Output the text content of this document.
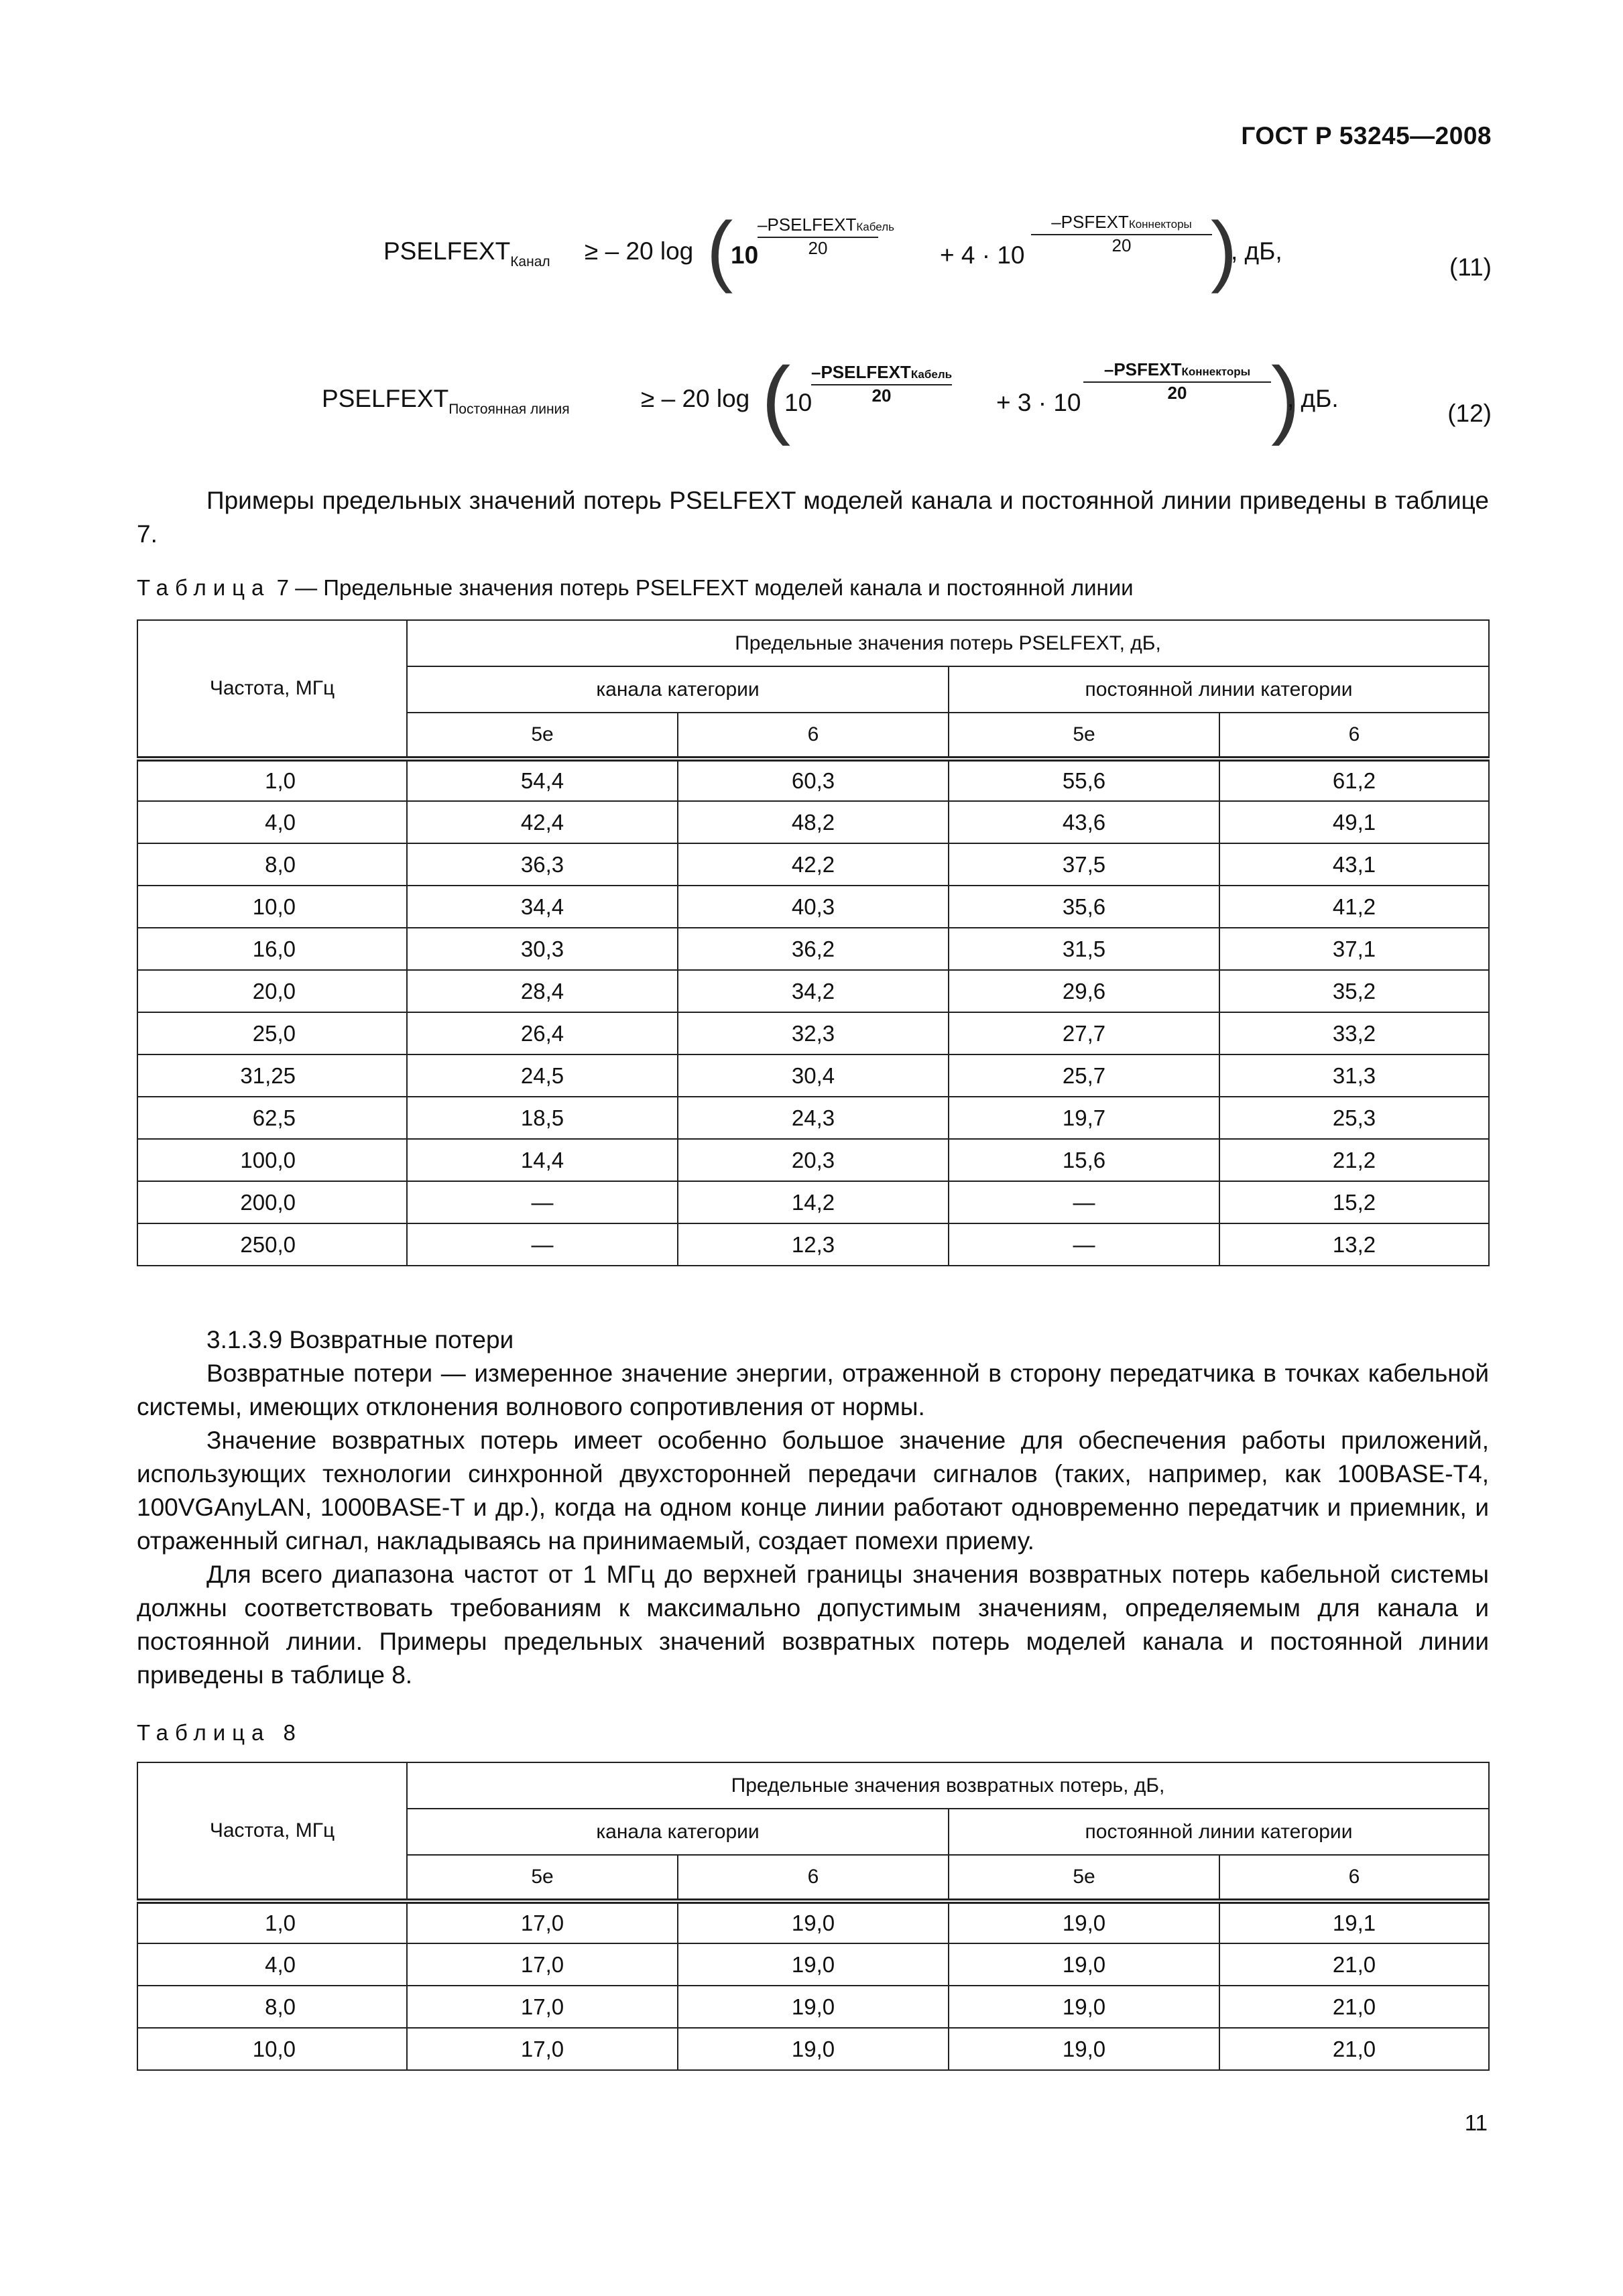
ГОСТ Р 53245—2008
$PSELFEXT_{Канал}$ ≥ – 20 log (
10
–PSELFEXTКабель
20	+ 4 · 10
–PSFEXTКоннекторы
20	)
, дБ,
(11)
$PSELFEXT_{Постоянная линия}$	≥ – 20 log (
10
–PSELFEXTКабель
20	+ 3 · 10
–PSFEXTКоннекторы
20 )
, дБ.
(12)
Примеры предельных значений потерь PSELFEXT моделей канала и постоянной линии приведены в таблице 7.
Таблица 7 — Предельные значения потерь PSELFEXT моделей канала и постоянной линии
Частота, МГц	Предельные значения потерь PSELFEXT, дБ,			
	канала категории		постоянной линии категории	
	5е	6	5е	6
1,0	54,4	60,3	55,6	61,2
4,0	42,4	48,2	43,6	49,1
8,0	36,3	42,2	37,5	43,1
10,0	34,4	40,3	35,6	41,2
16,0	30,3	36,2	31,5	37,1
20,0	28,4	34,2	29,6	35,2
25,0	26,4	32,3	27,7	33,2
31,25	24,5	30,4	25,7	31,3
62,5	18,5	24,3	19,7	25,3
100,0	14,4	20,3	15,6	21,2
200,0	—	14,2	—	15,2
250,0	—	12,3	—	13,2
3.1.3.9 Возвратные потери
Возвратные потери — измеренное значение энергии, отраженной в сторону передатчика в точках кабельной системы, имеющих отклонения волнового сопротивления от нормы.
Значение возвратных потерь имеет особенно большое значение для обеспечения работы приложений, использующих технологии синхронной двухсторонней передачи сигналов (таких, например, как 100BASE-T4, 100VGAnyLAN, 1000BASE-T и др.), когда на одном конце линии работают одновременно передатчик и приемник, и отраженный сигнал, накладываясь на принимаемый, создает помехи приему.
Для всего диапазона частот от 1 МГц до верхней границы значения возвратных потерь кабельной системы должны соответствовать требованиям к максимально допустимым значениям, определяемым для канала и постоянной линии. Примеры предельных значений возвратных потерь моделей канала и постоянной линии приведены в таблице 8.
Таблица 8
Частота, МГц	Предельные значения возвратных потерь, дБ,			
	канала категории		постоянной линии категории	
	5е	6	5е	6
1,0	17,0	19,0	19,0	19,1
4,0	17,0	19,0	19,0	21,0
8,0	17,0	19,0	19,0	21,0
10,0	17,0	19,0	19,0	21,0
11
